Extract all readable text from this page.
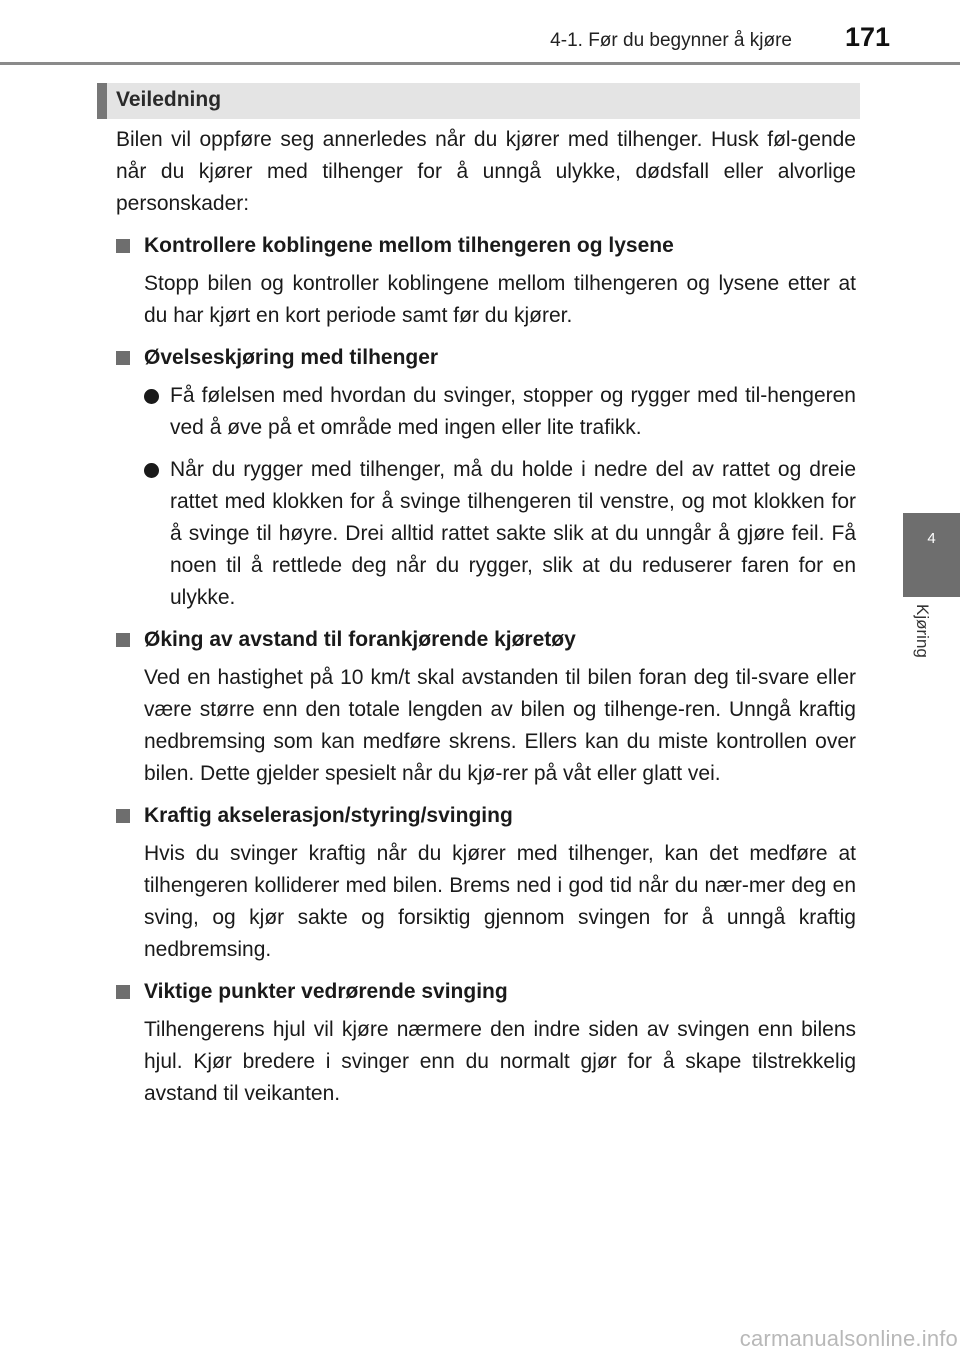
4-1. Før du begynner å kjøre	171
4
Kjøring
Veiledning

Bilen vil oppføre seg annerledes når du kjører med tilhenger. Husk føl-gende når du kjører med tilhenger for å unngå ulykke, dødsfall eller alvorlige personskader:

Kontrollere koblingene mellom tilhengeren og lysene

Stopp bilen og kontroller koblingene mellom tilhengeren og lysene etter at du har kjørt en kort periode samt før du kjører.

Øvelseskjøring med tilhenger

Få følelsen med hvordan du svinger, stopper og rygger med til-hengeren ved å øve på et område med ingen eller lite trafikk.

Når du rygger med tilhenger, må du holde i nedre del av rattet og dreie rattet med klokken for å svinge tilhengeren til venstre, og mot klokken for å svinge til høyre. Drei alltid rattet sakte slik at du unngår å gjøre feil. Få noen til å rettlede deg når du rygger, slik at du reduserer faren for en ulykke.

Øking av avstand til forankjørende kjøretøy

Ved en hastighet på 10 km/t skal avstanden til bilen foran deg til-svare eller være større enn den totale lengden av bilen og tilhenge-ren. Unngå kraftig nedbremsing som kan medføre skrens. Ellers kan du miste kontrollen over bilen. Dette gjelder spesielt når du kjø-rer på våt eller glatt vei.

Kraftig akselerasjon/styring/svinging

Hvis du svinger kraftig når du kjører med tilhenger, kan det medføre at tilhengeren kolliderer med bilen. Brems ned i god tid når du nær-mer deg en sving, og kjør sakte og forsiktig gjennom svingen for å unngå kraftig nedbremsing.

Viktige punkter vedrørende svinging

Tilhengerens hjul vil kjøre nærmere den indre siden av svingen enn bilens hjul. Kjør bredere i svinger enn du normalt gjør for å skape tilstrekkelig avstand til veikanten.

carmanualsonline.info
